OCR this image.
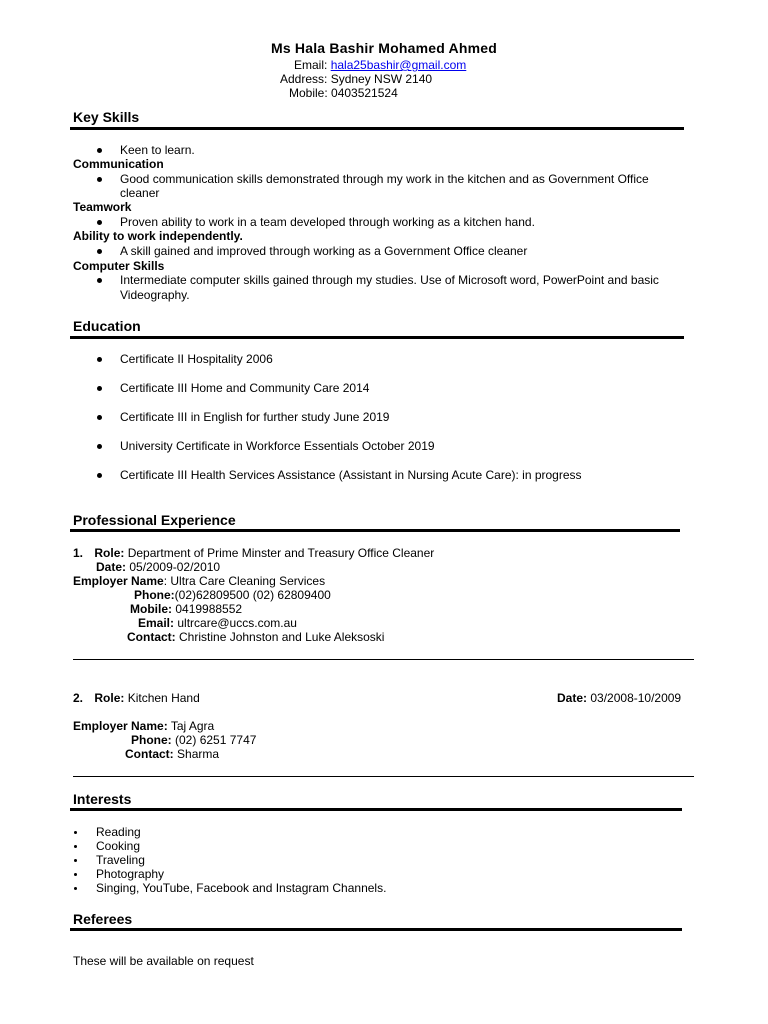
Ms Hala Bashir Mohamed Ahmed
Email: hala25bashir@gmail.com
Address: Sydney NSW 2140
Mobile: 0403521524
Key Skills
Keen to learn.
Communication
Good communication skills demonstrated through my work in the kitchen and as Government Office
cleaner
Teamwork
Proven ability to work in a team developed through working as a kitchen hand.
Ability to work independently.
A skill gained and improved through working as a Government Office cleaner
Computer Skills
Intermediate computer skills gained through my studies. Use of Microsoft word, PowerPoint and basic
Videography.
Education
Certificate II Hospitality 2006
Certificate III Home and Community Care 2014
Certificate III in English for further study June 2019
University Certificate in Workforce Essentials October 2019
Certificate III Health Services Assistance (Assistant in Nursing Acute Care): in progress
Professional Experience
1. Role: Department of Prime Minster and Treasury Office Cleaner
Date: 05/2009-02/2010
Employer Name: Ultra Care Cleaning Services
Phone:(02)62809500 (02) 62809400
Mobile: 0419988552
Email: ultrcare@uccs.com.au
Contact: Christine Johnston and Luke Aleksoski
2. Role: Kitchen Hand	Date: 03/2008-10/2009
Employer Name: Taj Agra
Phone: (02) 6251 7747
Contact: Sharma
Interests
Reading
Cooking
Traveling
Photography
Singing, YouTube, Facebook and Instagram Channels.
Referees
These will be available on request
